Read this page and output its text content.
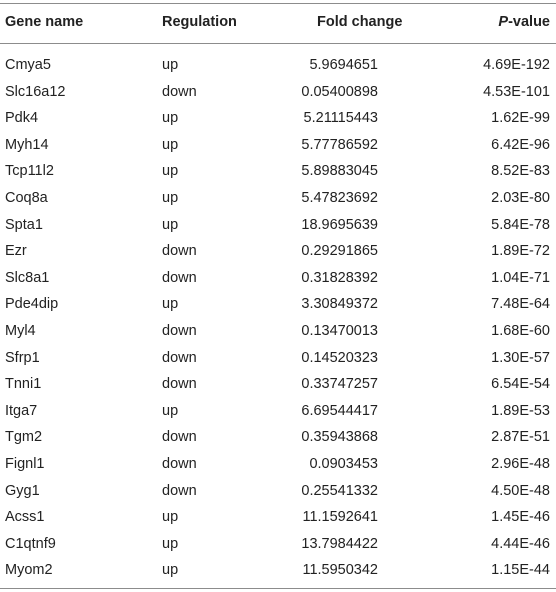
Gene name	Regulation	Fold change	P-value
Cmya5	up	5.9694651	4.69E-192
Slc16a12	down	0.05400898	4.53E-101
Pdk4	up	5.21115443	1.62E-99
Myh14	up	5.77786592	6.42E-96
Tcp11l2	up	5.89883045	8.52E-83
Coq8a	up	5.47823692	2.03E-80
Spta1	up	18.9695639	5.84E-78
Ezr	down	0.29291865	1.89E-72
Slc8a1	down	0.31828392	1.04E-71
Pde4dip	up	3.30849372	7.48E-64
Myl4	down	0.13470013	1.68E-60
Sfrp1	down	0.14520323	1.30E-57
Tnni1	down	0.33747257	6.54E-54
Itga7	up	6.69544417	1.89E-53
Tgm2	down	0.35943868	2.87E-51
Fignl1	down	0.0903453	2.96E-48
Gyg1	down	0.25541332	4.50E-48
Acss1	up	11.1592641	1.45E-46
C1qtnf9	up	13.7984422	4.44E-46
Myom2	up	11.5950342	1.15E-44
